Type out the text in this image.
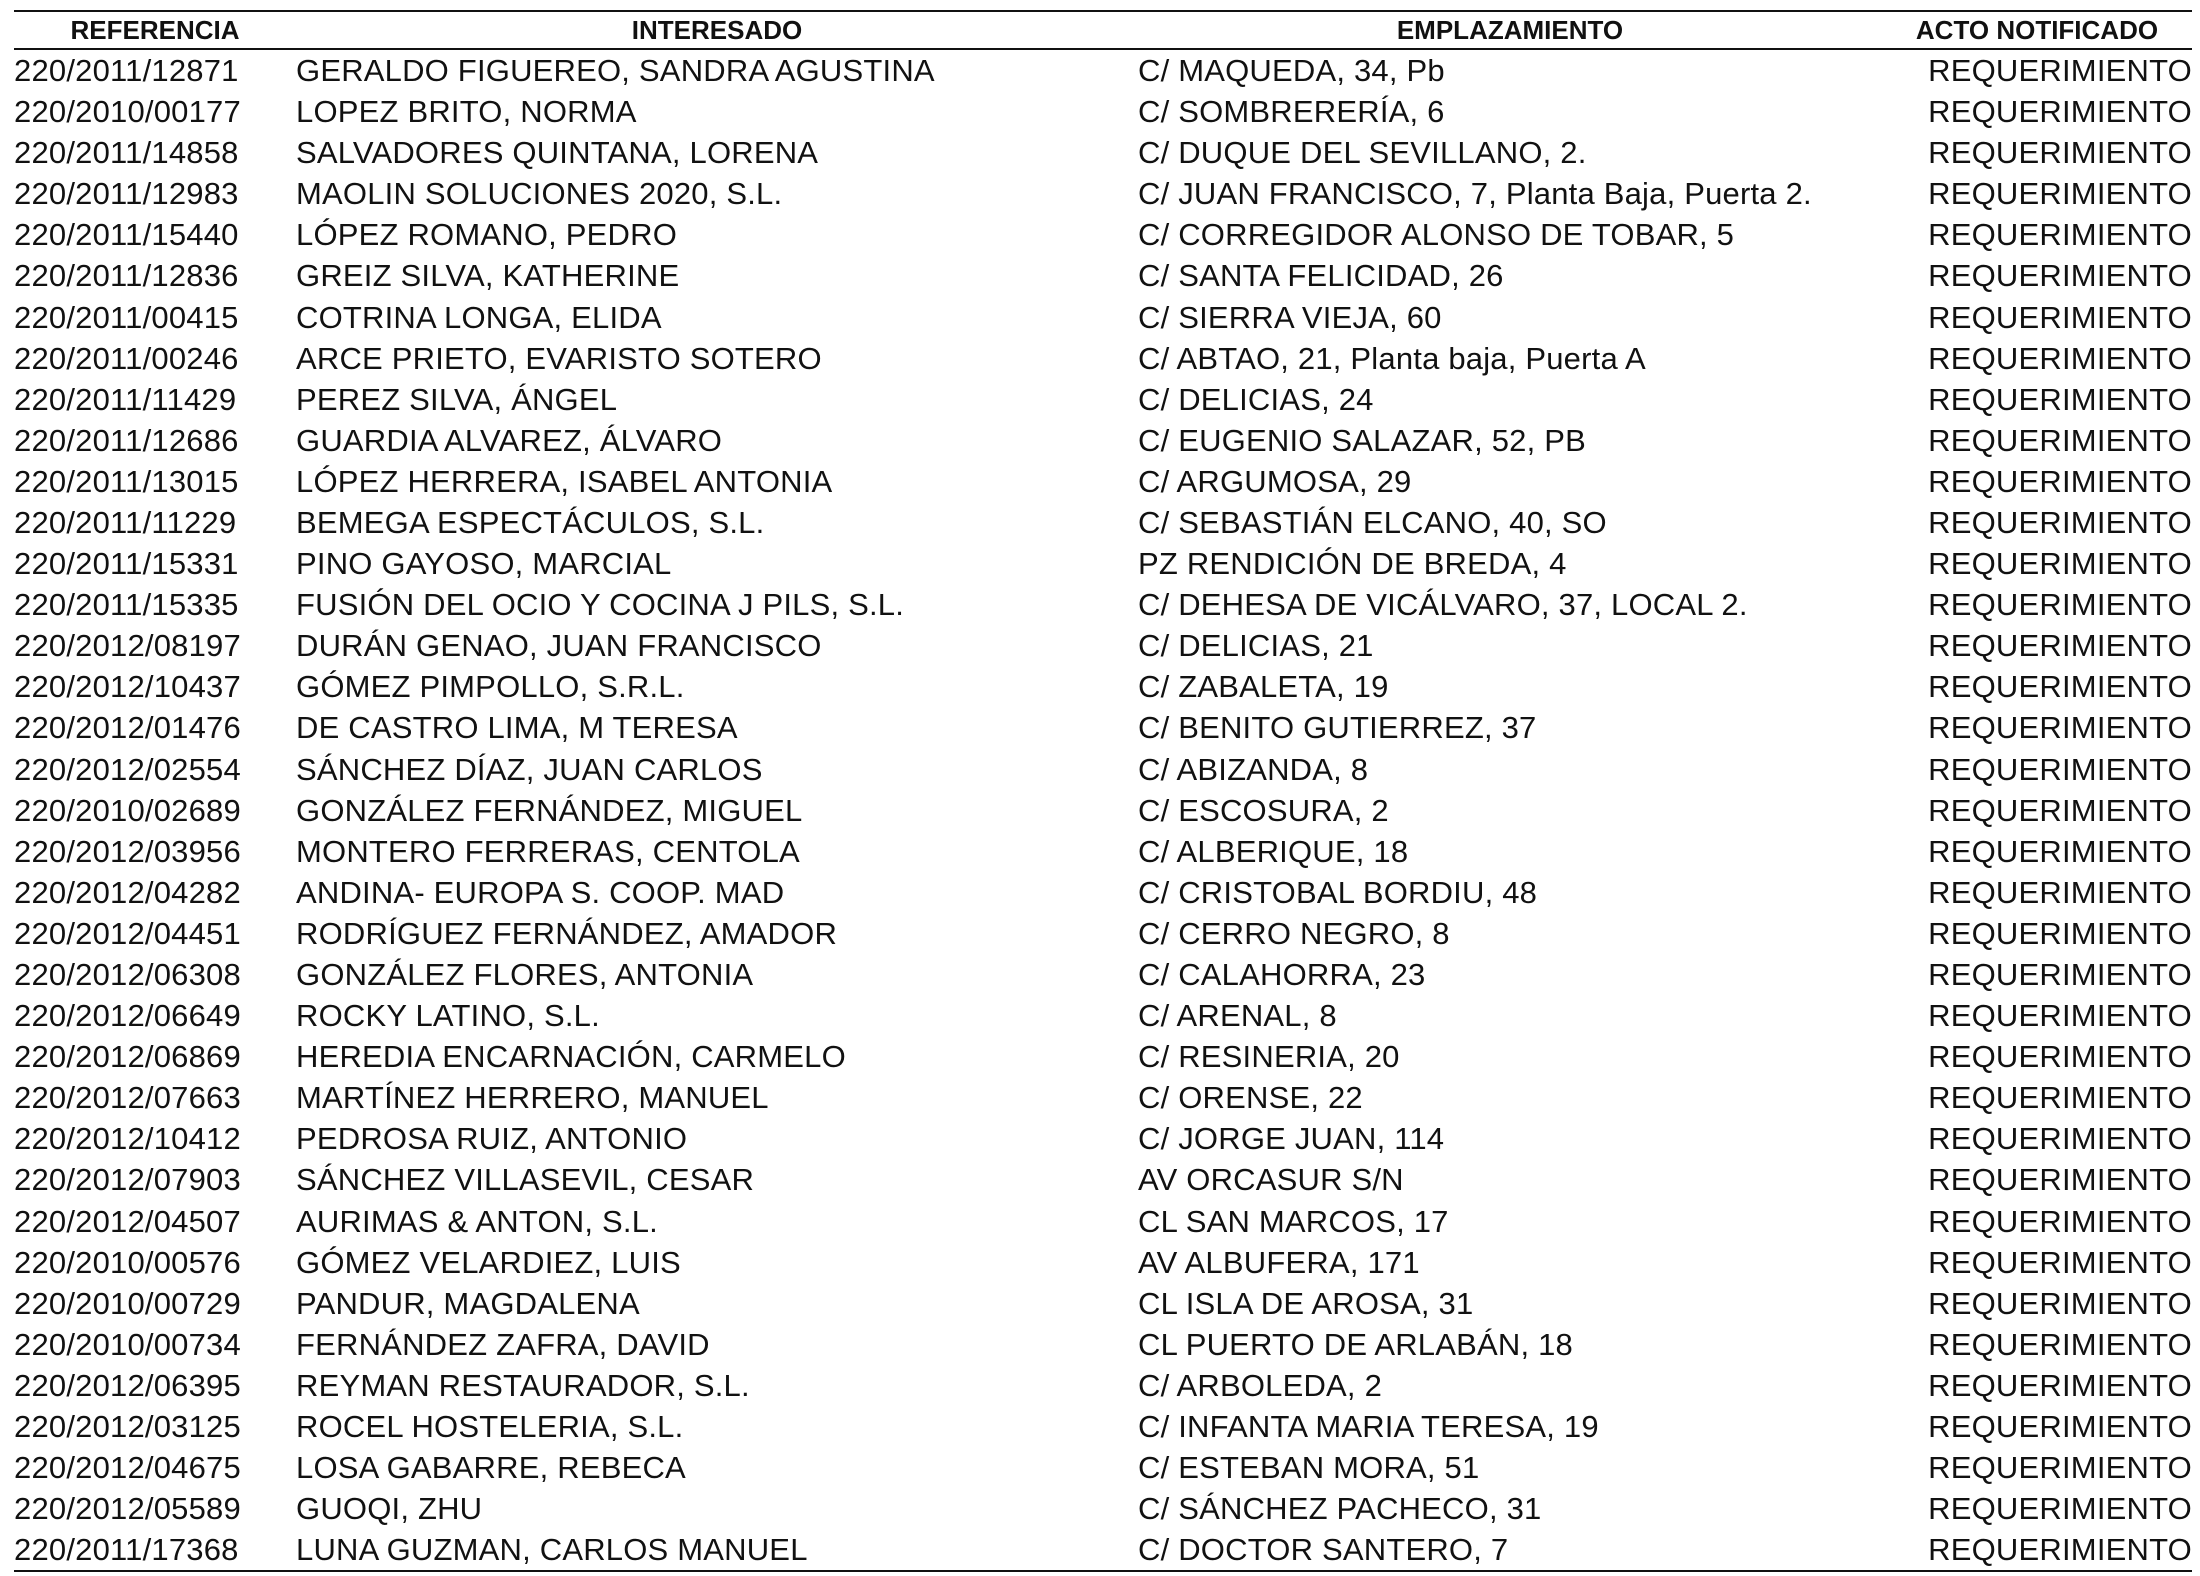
REFERENCIA	INTERESADO	EMPLAZAMIENTO	ACTO NOTIFICADO
220/2011/12871	GERALDO FIGUEREO, SANDRA AGUSTINA	C/ MAQUEDA, 34, Pb	REQUERIMIENTO
220/2010/00177	LOPEZ BRITO, NORMA	C/ SOMBRERERÍA, 6	REQUERIMIENTO
220/2011/14858	SALVADORES QUINTANA, LORENA	C/ DUQUE DEL SEVILLANO, 2.	REQUERIMIENTO
220/2011/12983	MAOLIN SOLUCIONES 2020, S.L.	C/ JUAN FRANCISCO, 7, Planta Baja, Puerta 2.	REQUERIMIENTO
220/2011/15440	LÓPEZ ROMANO, PEDRO	C/ CORREGIDOR ALONSO DE TOBAR, 5	REQUERIMIENTO
220/2011/12836	GREIZ SILVA, KATHERINE	C/ SANTA FELICIDAD, 26	REQUERIMIENTO
220/2011/00415	COTRINA LONGA, ELIDA	C/ SIERRA VIEJA, 60	REQUERIMIENTO
220/2011/00246	ARCE PRIETO, EVARISTO SOTERO	C/ ABTAO, 21, Planta baja, Puerta A	REQUERIMIENTO
220/2011/11429	PEREZ SILVA, ÁNGEL	C/ DELICIAS, 24	REQUERIMIENTO
220/2011/12686	GUARDIA ALVAREZ, ÁLVARO	C/ EUGENIO SALAZAR, 52, PB	REQUERIMIENTO
220/2011/13015	LÓPEZ HERRERA, ISABEL ANTONIA	C/ ARGUMOSA, 29	REQUERIMIENTO
220/2011/11229	BEMEGA ESPECTÁCULOS, S.L.	C/ SEBASTIÁN ELCANO, 40, SO	REQUERIMIENTO
220/2011/15331	PINO GAYOSO, MARCIAL	PZ RENDICIÓN DE BREDA, 4	REQUERIMIENTO
220/2011/15335	FUSIÓN DEL OCIO Y COCINA J PILS, S.L.	C/ DEHESA DE VICÁLVARO, 37, LOCAL 2.	REQUERIMIENTO
220/2012/08197	DURÁN GENAO, JUAN FRANCISCO	C/ DELICIAS, 21	REQUERIMIENTO
220/2012/10437	GÓMEZ PIMPOLLO, S.R.L.	C/ ZABALETA, 19	REQUERIMIENTO
220/2012/01476	DE CASTRO LIMA, M TERESA	C/ BENITO GUTIERREZ, 37	REQUERIMIENTO
220/2012/02554	SÁNCHEZ DÍAZ, JUAN CARLOS	C/ ABIZANDA, 8	REQUERIMIENTO
220/2010/02689	GONZÁLEZ FERNÁNDEZ, MIGUEL	C/ ESCOSURA, 2	REQUERIMIENTO
220/2012/03956	MONTERO FERRERAS, CENTOLA	C/ ALBERIQUE, 18	REQUERIMIENTO
220/2012/04282	ANDINA- EUROPA S. COOP. MAD	C/ CRISTOBAL BORDIU, 48	REQUERIMIENTO
220/2012/04451	RODRÍGUEZ FERNÁNDEZ, AMADOR	C/ CERRO NEGRO, 8	REQUERIMIENTO
220/2012/06308	GONZÁLEZ FLORES, ANTONIA	C/ CALAHORRA, 23	REQUERIMIENTO
220/2012/06649	ROCKY LATINO, S.L.	C/ ARENAL, 8	REQUERIMIENTO
220/2012/06869	HEREDIA ENCARNACIÓN, CARMELO	C/ RESINERIA, 20	REQUERIMIENTO
220/2012/07663	MARTÍNEZ HERRERO, MANUEL	C/ ORENSE, 22	REQUERIMIENTO
220/2012/10412	PEDROSA RUIZ, ANTONIO	C/ JORGE JUAN, 114	REQUERIMIENTO
220/2012/07903	SÁNCHEZ VILLASEVIL, CESAR	AV ORCASUR S/N	REQUERIMIENTO
220/2012/04507	AURIMAS & ANTON, S.L.	CL SAN MARCOS, 17	REQUERIMIENTO
220/2010/00576	GÓMEZ VELARDIEZ, LUIS	AV ALBUFERA, 171	REQUERIMIENTO
220/2010/00729	PANDUR, MAGDALENA	CL ISLA DE AROSA, 31	REQUERIMIENTO
220/2010/00734	FERNÁNDEZ ZAFRA, DAVID	CL PUERTO DE ARLABÁN, 18	REQUERIMIENTO
220/2012/06395	REYMAN RESTAURADOR, S.L.	C/ ARBOLEDA, 2	REQUERIMIENTO
220/2012/03125	ROCEL HOSTELERIA, S.L.	C/ INFANTA MARIA TERESA, 19	REQUERIMIENTO
220/2012/04675	LOSA GABARRE, REBECA	C/ ESTEBAN MORA, 51	REQUERIMIENTO
220/2012/05589	GUOQI, ZHU	C/ SÁNCHEZ PACHECO, 31	REQUERIMIENTO
220/2011/17368	LUNA GUZMAN, CARLOS MANUEL	C/ DOCTOR SANTERO, 7	REQUERIMIENTO
